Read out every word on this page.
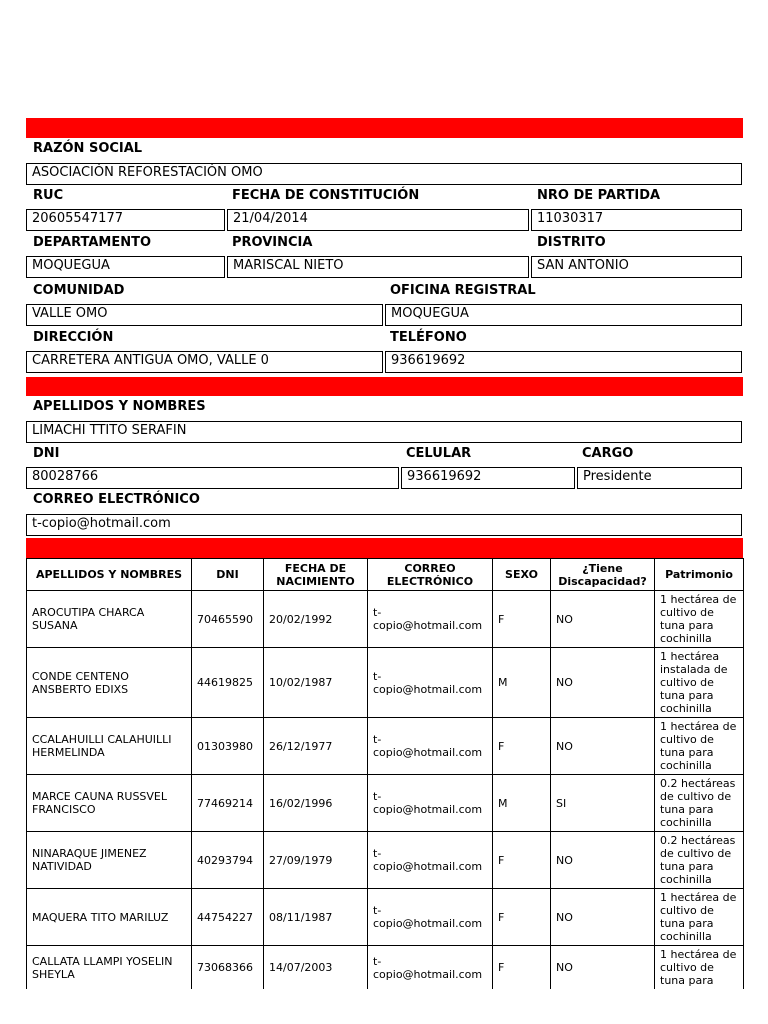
RAZÓN SOCIAL
ASOCIACIÓN REFORESTACIÓN OMO
RUC	FECHA DE CONSTITUCIÓN	NRO DE PARTIDA
20605547177	21/04/2014	11030317
DEPARTAMENTO	PROVINCIA	DISTRITO
MOQUEGUA	MARISCAL NIETO	SAN ANTONIO
COMUNIDAD	OFICINA REGISTRAL
VALLE OMO	MOQUEGUA
DIRECCIÓN	TELÉFONO
CARRETERA ANTIGUA OMO, VALLE 0	936619692
APELLIDOS Y NOMBRES
LIMACHI TTITO SERAFIN
DNI	CELULAR	CARGO
80028766	936619692	Presidente
CORREO ELECTRÓNICO
t-copio@hotmail.com
APELLIDOS Y NOMBRES	DNI	FECHA DE NACIMIENTO	CORREO ELECTRÓNICO	SEXO	¿Tiene Discapacidad?	Patrimonio
AROCUTIPA CHARCA SUSANA	70465590	20/02/1992	t-copio@hotmail.com	F	NO	1 hectárea de cultivo de tuna para cochinilla
CONDE CENTENO ANSBERTO EDIXS	44619825	10/02/1987	t-copio@hotmail.com	M	NO	1 hectárea instalada de cultivo de tuna para cochinilla
CCALAHUILLI CALAHUILLI HERMELINDA	01303980	26/12/1977	t-copio@hotmail.com	F	NO	1 hectárea de cultivo de tuna para cochinilla
MARCE CAUNA RUSSVEL FRANCISCO	77469214	16/02/1996	t-copio@hotmail.com	M	SI	0.2 hectáreas de cultivo de tuna para cochinilla
NINARAQUE JIMENEZ NATIVIDAD	40293794	27/09/1979	t-copio@hotmail.com	F	NO	0.2 hectáreas de cultivo de tuna para cochinilla
MAQUERA TITO MARILUZ	44754227	08/11/1987	t-copio@hotmail.com	F	NO	1 hectárea de cultivo de tuna para cochinilla
CALLATA LLAMPI YOSELIN SHEYLA	73068366	14/07/2003	t-copio@hotmail.com	F	NO	1 hectárea de cultivo de tuna para
